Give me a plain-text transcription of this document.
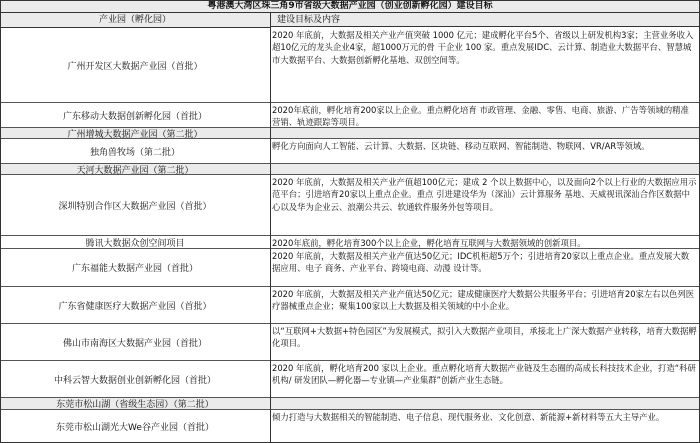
粤港澳大湾区珠三角9市省级大数据产业园（创业创新孵化园）建设目标
产业园（孵化园）	建设目标及内容
广州开发区大数据产业园（首批）
2020 年底前，大数据及相关产业产值突破 1000 亿元；建成孵化平台5个、省级以上研发机构3家；主营业务收入超10亿元的龙头企业4家，超1000万元的骨 干企业 100 家。重点发展IDC、云计算、制造业大数据平台、智慧城市大数据平台、大数据创新孵化基地、双创空间等。
广东移动大数据创新孵化园（首批）
2020年底前，孵化培育200家以上企业。重点孵化培育 市政管理、金融、零售、电商、旅游、广告等领域的精准营销、轨迹跟踪等项目。
广州增城大数据产业园（第二批）
独角兽牧场（第二批）
孵化方向面向人工智能、云计算、大数据、区块链、移动互联网、智能制造、物联网、VR/AR等领域。
天河大数据产业园（第二批）
深圳特别合作区大数据产业园（首批）
2020 年底前，大数据及相关产业产值超100亿元；建成 2 个以上数据中心，以及面向2个以上行业的大数据应用示范平台；引进培育20家以上重点企业。重点 引进建设华为（深汕）云计算服务 基地、天威视讯深汕合作区数据中 心以及华为企业云、浪潮公共云、软通软件服务外包等项目。
腾讯大数据众创空间项目	2020年底前，孵化培育300个以上企业，孵化培育互联网与大数据领域的创新项目。
广东福能大数据产业园（首批）
2020 年底前，大数据及相关产业产值达50亿元；IDC机柜超5万个；引进培育20家以上重点企业。重点发展大数据应用、电子 商务、产业平台、跨境电商、动漫 设计等。
广东省健康医疗大数据产业园（首批）
2020 年底前，大数据及相关产业产值达50亿元；建成健康医疗大数据公共服务平台；引进培育20家左右以色列医疗器械重点企业；聚集100家以上大数据及相关领域的中小企业。
佛山市南海区大数据产业园（首批）
以“互联网+大数据+特色园区”为发展模式，拟引入大数据产业项目，承接北上广深大数据产业转移，培育大数据孵化项目。
中科云智大数据创业创新孵化园（首批）
2020 年底前，孵化培育200 家以上企业。重点孵化培育大数据产业链及生态圈的高成长科技技术企业，打造“科研机构/ 研发团队—孵化器—专业镇—产业集群”创新产业生态链。
东莞市松山湖（省级生态园）（第二批）
东莞市松山湖光大We谷产业园（首批）
倾力打造与大数据相关的智能制造、电子信息、现代服务业、文化创意、新能源+新材料等五大主导产业。
